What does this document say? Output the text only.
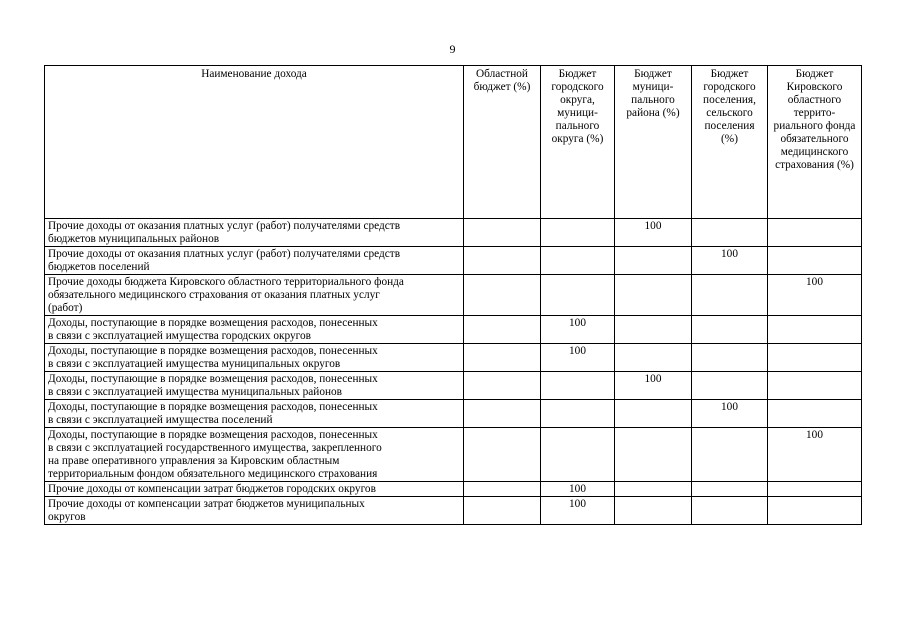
9
Наименование дохода	Областной бюджет (%)	Бюджет городского округа, муници-пального округа (%)	Бюджет муници-пального района (%)	Бюджет городского поселения, сельского поселения (%)	Бюджет Кировского областного террито-риального фонда обязательного медицинского страхования (%)

Прочие доходы от оказания платных услуг (работ) получателями средств
бюджетов муниципальных районов			100		

Прочие доходы от оказания платных услуг (работ) получателями средств
бюджетов поселений				100	

Прочие доходы бюджета Кировского областного территориального фонда
обязательного медицинского страхования от оказания платных услуг
(работ)					100

Доходы, поступающие в порядке возмещения расходов, понесенных
в связи с эксплуатацией имущества городских округов		100			

Доходы, поступающие в порядке возмещения расходов, понесенных
в связи с эксплуатацией имущества муниципальных округов		100			

Доходы, поступающие в порядке возмещения расходов, понесенных
в связи с эксплуатацией имущества муниципальных районов			100		

Доходы, поступающие в порядке возмещения расходов, понесенных
в связи с эксплуатацией имущества поселений				100	

Доходы, поступающие в порядке возмещения расходов, понесенных
в связи с эксплуатацией государственного имущества, закрепленного
на праве оперативного управления за Кировским областным
территориальным фондом обязательного медицинского страхования					100

Прочие доходы от компенсации затрат бюджетов городских округов		100			

Прочие доходы от компенсации затрат бюджетов муниципальных
округов		100			
